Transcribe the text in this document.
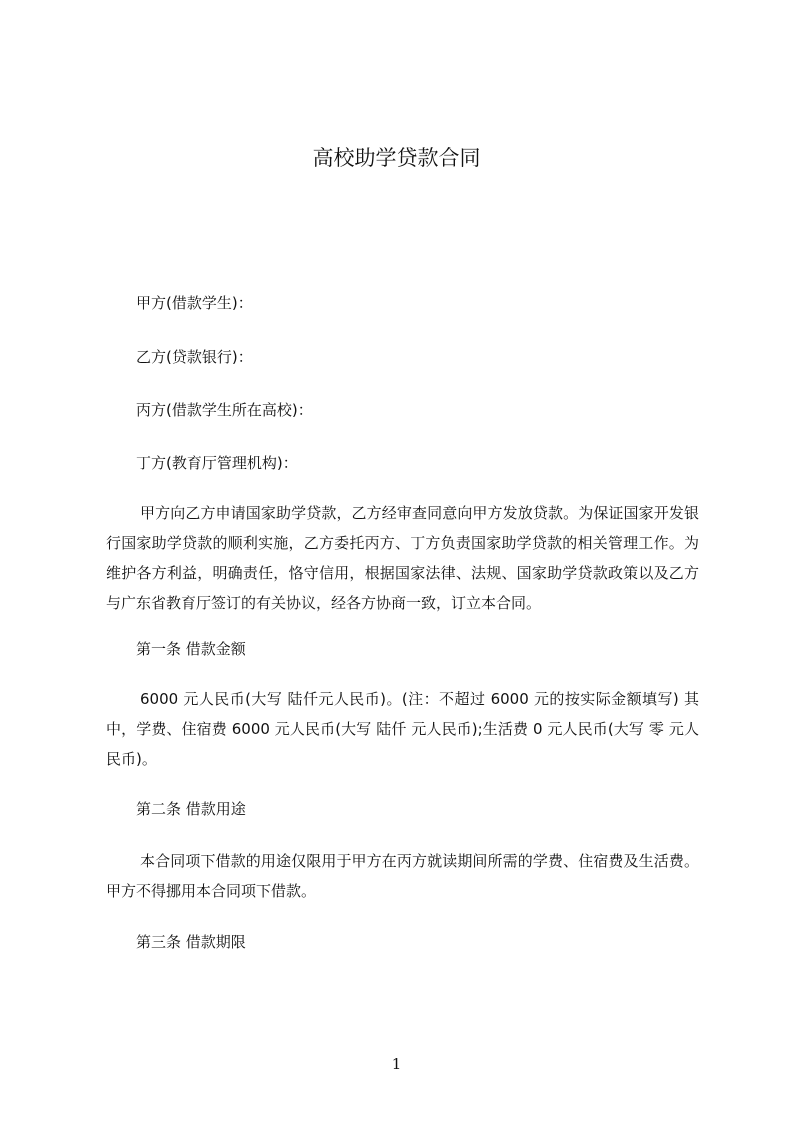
高校助学贷款合同
甲方(借款学生)：
乙方(贷款银行)：
丙方(借款学生所在高校)：
丁方(教育厅管理机构)：
甲方向乙方申请国家助学贷款，乙方经审查同意向甲方发放贷款。为保证国家开发银行国家助学贷款的顺利实施，乙方委托丙方、丁方负责国家助学贷款的相关管理工作。为维护各方利益，明确责任，恪守信用，根据国家法律、法规、国家助学贷款政策以及乙方与广东省教育厅签订的有关协议，经各方协商一致，订立本合同。
第一条 借款金额
6000 元人民币(大写 陆仟元人民币)。(注：不超过 6000 元的按实际金额填写) 其中，学费、住宿费 6000 元人民币(大写 陆仟 元人民币);生活费 0 元人民币(大写 零 元人民币)。
第二条 借款用途
本合同项下借款的用途仅限用于甲方在丙方就读期间所需的学费、住宿费及生活费。甲方不得挪用本合同项下借款。
第三条 借款期限
1
